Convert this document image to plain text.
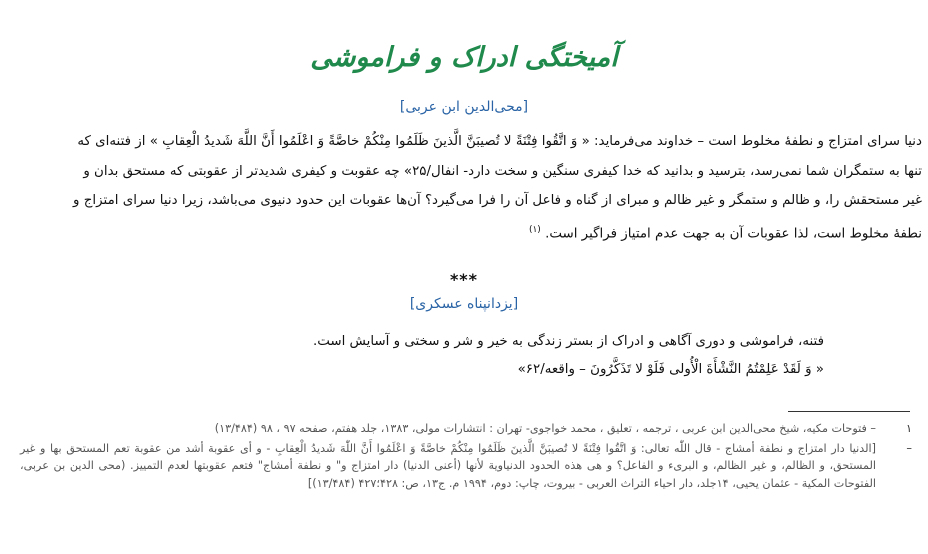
آمیختگی ادراک و فراموشی
[محی‌الدین ابن عربی]
دنیا سرای امتزاج و نطفهٔ مخلوط است – خداوند می‌فرماید: « وَ اتَّقُوا فِتْنَةً لا تُصیبَنَّ الَّذینَ ظَلَمُوا مِنْكُمْ خاصَّةً وَ اعْلَمُوا أَنَّ اللَّهَ شَدیدُ الْعِقابِ » از فتنه‌ای که
تنها به ستمگران شما نمی‌رسد، بترسید و بدانید که خدا کیفری سنگین و سخت دارد- انفال/۲۵» چه عقوبت و کیفری شدیدتر از عقوبتی که مستحق بدان و
غیر مستحقش را، و ظالم و ستمگر و غیر ظالم و مبرای از گناه و فاعل آن را فرا می‌گیرد؟ آن‌ها عقوبات این حدود دنیوی می‌باشد، زیرا دنیا سرای امتزاج و
نطفهٔ مخلوط است، لذا عقوبات آن به جهت عدم امتیاز فراگیر است. $^{(۱)}$
***
[یزدانپناه عسکری]
فتنه، فراموشی و دوری آگاهی و ادراک از بستر زندگی به خیر و شر و سختی و آسایش است.
« وَ لَقَدْ عَلِمْتُمُ النَّشْأَةَ الْأُولى فَلَوْ لا تَذَكَّرُونَ – واقعه/۶۲»
۱
– فتوحات مکیه، شیخ محی‌الدین ابن عربی ، ترجمه ، تعلیق ، محمد خواجوی- تهران : انتشارات مولی، ۱۳۸۳، جلد هفتم، صفحه ۹۷ ، ۹۸ (۱۳/۴۸۴)
–
[الدنیا دار امتزاج و نطفة أمشاج - قال اللّٰه تعالی: وَ اتَّقُوا فِتْنَةً لا تُصیبَنَّ الَّذینَ ظَلَمُوا مِنْكُمْ خاصَّةً وَ اعْلَمُوا أَنَّ اللّٰهَ شَدیدُ الْعِقابِ - و أی عقوبة أشد من عقوبة تعم المستحق بها و غیر المستحق، و الظالم، و غیر الظالم، و البریء و الفاعل؟ و هی هذه الحدود الدنیاویة لأنها (أعنی الدنیا) دار امتزاج و" و نطفة أمشاج" فتعم عقوبتها لعدم التمییز. (محی الدین بن عربی، الفتوحات المکیة - عثمان یحیی، ۱۴جلد، دار احیاء التراث العربی - بیروت، چاپ: دوم، ۱۹۹۴ م. ج۱۳، ص: ۴۲۸؛۴۲۷ (۱۳/۴۸۴)]
